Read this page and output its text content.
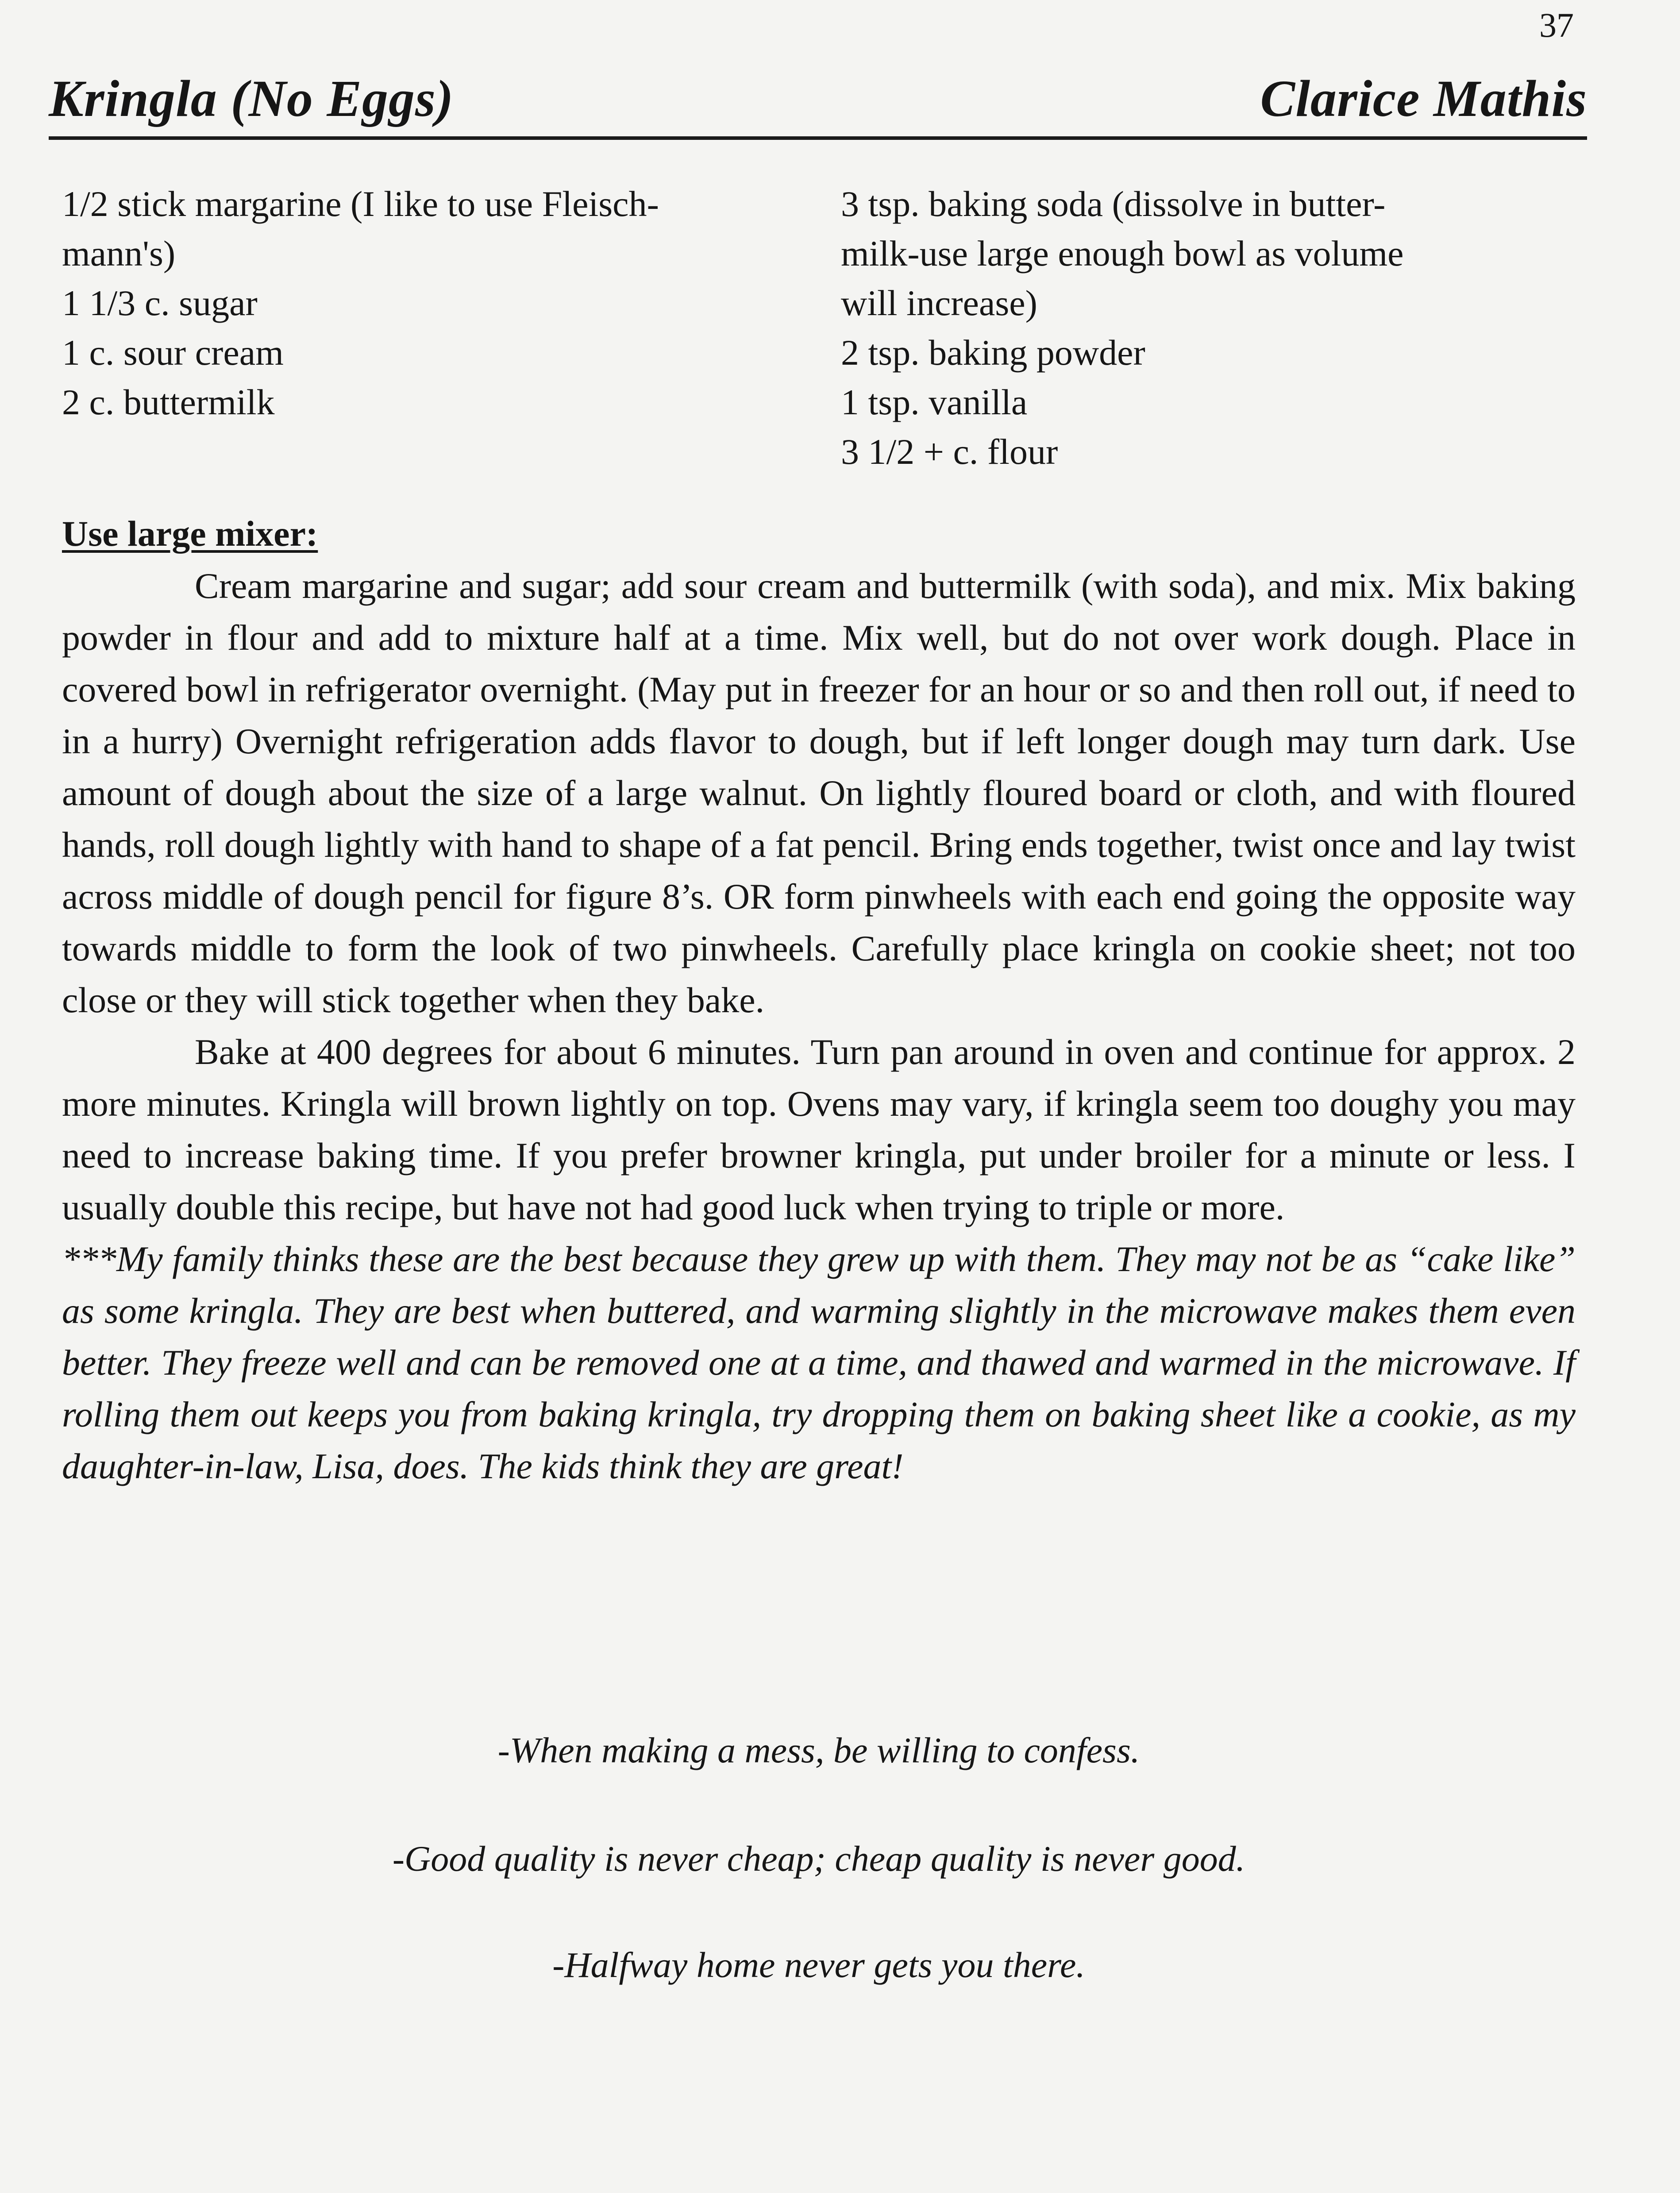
37
Kringla (No Eggs)	Clarice Mathis
1/2 stick margarine (I like to use Fleisch-
mann's)
1 1/3 c. sugar
1 c. sour cream
2 c. buttermilk
3 tsp. baking soda (dissolve in butter-
milk-use large enough bowl as volume
will increase)
2 tsp. baking powder
1 tsp. vanilla
3 1/2 + c. flour
Use large mixer:

Cream margarine and sugar; add sour cream and buttermilk (with soda), and mix. Mix baking powder in flour and add to mixture half at a time. Mix well, but do not over work dough. Place in covered bowl in refrigerator overnight. (May put in freezer for an hour or so and then roll out, if need to in a hurry) Overnight refrigeration adds flavor to dough, but if left longer dough may turn dark. Use amount of dough about the size of a large walnut. On lightly floured board or cloth, and with floured hands, roll dough lightly with hand to shape of a fat pencil. Bring ends together, twist once and lay twist across middle of dough pencil for figure 8’s. OR form pinwheels with each end going the opposite way towards middle to form the look of two pinwheels. Carefully place kringla on cookie sheet; not too close or they will stick together when they bake.

Bake at 400 degrees for about 6 minutes. Turn pan around in oven and continue for approx. 2 more minutes. Kringla will brown lightly on top. Ovens may vary, if kringla seem too doughy you may need to increase baking time. If you prefer browner kringla, put under broiler for a minute or less. I usually double this recipe, but have not had good luck when trying to triple or more.

***My family thinks these are the best because they grew up with them. They may not be as “cake like” as some kringla. They are best when buttered, and warming slightly in the microwave makes them even better. They freeze well and can be removed one at a time, and thawed and warmed in the microwave. If rolling them out keeps you from baking kringla, try dropping them on baking sheet like a cookie, as my daughter-in-law, Lisa, does. The kids think they are great!

-When making a mess, be willing to confess.
-Good quality is never cheap; cheap quality is never good.
-Halfway home never gets you there.
